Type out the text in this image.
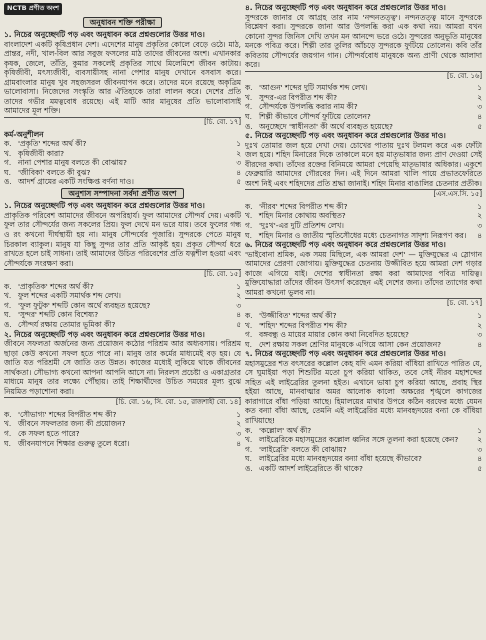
NCTB প্রণীত অংশ
অনুধাবন শক্তি পরীক্ষা

১. নিচের অনুচ্ছেদটি পড় এবং অনুধাবন করে প্রশ্নগুলোর উত্তর দাও।

বাংলাদেশ একটি কৃষিপ্রধান দেশ। এদেশের মানুষ প্রকৃতির কোলে বেড়ে ওঠে। মাঠ, প্রান্তর, নদী, খাল-বিল আর সবুজ ফসলের মাঠ তাদের জীবনের অংশ। এখানকার কৃষক, জেলে, তাঁতি, কুমার সকলেই প্রকৃতির সাথে মিলেমিশে জীবন কাটায়। কৃষিজীবী, মৎস্যজীবী, ব্যবসায়ীসহ নানা পেশার মানুষ দেখানে বসবাস করে। গ্রামবাংলার মানুষ খুব সহজসরল জীবনযাপন করে। তাদের মনে রয়েছে অকৃত্রিম ভালোবাসা। নিজেদের সংস্কৃতি আর ঐতিহ্যকে তারা লালন করে। দেশের প্রতি তাদের গভীর মমত্ববোধ রয়েছে। এই মাটি আর মানুষের প্রতি ভালোবাসাই আমাদের মূল শক্তি।

[চি. বো. ১৭]
কর্ম-অনুশীলন
ক. 'প্রকৃতি' শব্দের অর্থ কী?	১
খ. কৃষিজীবী কারা?	২
গ. নানা পেশার মানুষ বলতে কী বোঝায়?	৩
ঘ. 'জীবিকা' বলতে কী বুঝ?	৪
ঙ. আদর্শ গ্রামের একটি সংক্ষিপ্ত বর্ণনা দাও।	৫
অনুশাস সম্পাদনা সর্বদা প্রণীত অংশ

১. নিচের অনুচ্ছেদটি পড় এবং অনুধাবন করে প্রশ্নগুলোর উত্তর দাও।

প্রাকৃতিক পরিবেশ আমাদের জীবনে অপরিহার্য। ফুল আমাদের সৌন্দর্য দেয়। একটি ফুল তার সৌন্দর্যের জন্য সকলের প্রিয়। ফুল দেখে মন ভরে যায়। তবে ফুলের গন্ধ ও রং কখনো দীর্ঘস্থায়ী হয় না। মানুষ সৌন্দর্যের পূজারি। সুন্দরকে পেতে মানুষ চিরকাল ব্যাকুল। মানুষ যা কিছু সুন্দর তার প্রতি আকৃষ্ট হয়। প্রকৃত সৌন্দর্য ধরে রাখতে হলে চাই সাধনা। তাই আমাদের উচিত পরিবেশের প্রতি যত্নশীল হওয়া এবং সৌন্দর্যকে সংরক্ষণ করা।

[চি. বো. ১৫]
ক. 'প্রাকৃতিক' শব্দের অর্থ কী?	১
খ. ফুল শব্দের একটি সমার্থক শব্দ লেখ।	২
গ. 'ফুল ফুটুক' শব্দটি কোন অর্থে ব্যবহৃত হয়েছে?	৩
ঘ. 'সুন্দর' শব্দটি কোন বিশেষ্য?	৪
ঙ. সৌন্দর্য রক্ষায় তোমার ভূমিকা কী?	৫

২. নিচের অনুচ্ছেদটি পড় এবং অনুধাবন করে প্রশ্নগুলোর উত্তর দাও।

জীবনে সফলতা অর্জনের জন্য প্রয়োজন কঠোর পরিশ্রম আর অধ্যবসায়। পরিশ্রম ছাড়া কেউ কখনো সফল হতে পারে না। মানুষ তার কর্মের মাধ্যমেই বড় হয়। যে জাতি যত পরিশ্রমী সে জাতি তত উন্নত। কাজের মধ্যেই লুকিয়ে থাকে জীবনের সার্থকতা। সৌভাগ্য কখনো আপনা আপনি আসে না। নিরলস প্রচেষ্টা ও একাগ্রতার মাধ্যমে মানুষ তার লক্ষ্যে পৌঁছায়। তাই শিক্ষার্থীদের উচিত সময়ের মূল্য বুঝে নিয়মিত পড়াশোনা করা।

[চি. বো. ১৬, সি. বো. ১৫, রাজশাহী বো. ১৪]
ক. 'সৌভাগ্য' শব্দের বিপরীত শব্দ কী?	১
খ. জীবনে সফলতার জন্য কী প্রয়োজন?	২
গ. কে সফল হতে পারে?	৩
ঘ. জীবনযাপনে শিক্ষার গুরুত্ব তুলে ধরো।	৪

৪. নিচের অনুচ্ছেদটি পড় এবং অনুধাবন করে প্রশ্নগুলোর উত্তর দাও।

সুন্দরকে জানার যে আগ্রহ তার নাম 'নন্দনতত্ত্ব'। নন্দনতত্ত্ব মানে সুন্দরকে বিশ্লেষণ করা। সুন্দরকে জানা আর উপলব্ধি করা এক কথা নয়। আমরা যখন কোনো সুন্দর জিনিস দেখি তখন মন আনন্দে ভরে ওঠে। সুন্দরের অনুভূতি মানুষের মনকে পবিত্র করে। শিল্পী তার তুলির আঁচড়ে সুন্দরকে ফুটিয়ে তোলেন। কবি তাঁর কবিতায় সৌন্দর্যের জয়গান গান। সৌন্দর্যবোধ মানুষকে অন্য প্রাণী থেকে আলাদা করে।

[চ. বো. ১৬]
ক. 'আগুন' শব্দের দুটি সমার্থক শব্দ লেখ।	১
খ. সুন্দর-এর বিপরীত শব্দ কী?	২
গ. সৌন্দর্যকে উপলব্ধি করার নাম কী?	৩
ঘ. শিল্পী কীভাবে সৌন্দর্য ফুটিয়ে তোলেন?	৪
ঙ. অনুচ্ছেদে 'স্বাধীনতা' কী অর্থে ব্যবহৃত হয়েছে?	৫

৫. নিচের অনুচ্ছেদটি পড় এবং অনুধাবন করে প্রশ্নগুলোর উত্তর দাও।

দুঃখ তোমার জল হয়ে দেখা দেয়। চোখের পাতায় দুঃখ টলমল করে এক ফোঁটা জল হয়ে। শহিদ মিনারের দিকে তাকালে মনে হয় মাতৃভাষার জন্য প্রাণ দেওয়া সেই বীরদের কথা। তাঁদের রক্তের বিনিময়ে আমরা পেয়েছি মাতৃভাষার অধিকার। একুশে ফেব্রুয়ারি আমাদের গৌরবের দিন। এই দিনে আমরা খালি পায়ে প্রভাতফেরিতে অংশ নিই এবং শহিদদের প্রতি শ্রদ্ধা জানাই। শহিদ মিনার বাঙালির চেতনার প্রতীক।

[এস.এস.সি. ১৫]
ক. 'নীরব' শব্দের বিপরীত শব্দ কী?	১
খ. শহিদ মিনার কোথায় অবস্থিত?	২
গ. 'দুঃখ'-এর দুটি প্রতিশব্দ লেখ।	৩
ঘ. শহিদ মিনার ও জাতীয় স্মৃতিসৌধের মধ্যে চেতনাগত সাদৃশ্য নিরূপণ কর।	৪

৬. নিচের অনুচ্ছেদটি পড় এবং অনুধাবন করে প্রশ্নগুলোর উত্তর দাও।

'ভাইবোনা শ্রমিক, এক সময় মিছিলে, এক আমরা দেশ' — মুক্তিযুদ্ধের এ স্লোগান আমাদের প্রেরণা জোগায়। মুক্তিযুদ্ধের চেতনায় উজ্জীবিত হয়ে আমরা দেশ গড়ার কাজে এগিয়ে যাই। দেশের স্বাধীনতা রক্ষা করা আমাদের পবিত্র দায়িত্ব। মুক্তিযোদ্ধারা তাঁদের জীবন উৎসর্গ করেছেন এই দেশের জন্য। তাঁদের ত্যাগের কথা আমরা কখনো ভুলব না।

[চ. বো. ১৭]
ক. 'উজ্জীবিত' শব্দের অর্থ কী?	১
খ. 'শহিদ' শব্দের বিপরীত শব্দ কী?	২
গ. বঙ্গবন্ধু ও মায়ের মায়ার কোন কথা নিবেদিত হয়েছে?	৩
ঘ. দেশ রক্ষায় সকল শ্রেণির মানুষকে এগিয়ে আসা কেন প্রয়োজন?	৪

৭. নিচের অনুচ্ছেদটি পড় এবং অনুধাবন করে প্রশ্নগুলোর উত্তর দাও।

মহাসমুদ্রের শত বৎসরের কল্লোল কেহ যদি এমন করিয়া বাঁধিয়া রাখিতে পারিত যে, সে ঘুমাইয়া পড়া শিশুটির মতো চুপ করিয়া থাকিত, তবে সেই নীরব মহাশব্দের সহিত এই লাইব্রেরির তুলনা হইত। এখানে ভাষা চুপ করিয়া আছে, প্রবাহ স্থির হইয়া আছে, মানবাত্মার অমর আলোক কালো অক্ষরের শৃঙ্খলে কাগজের কারাগারে বাঁধা পড়িয়া আছে। হিমালয়ের মাথার উপরে কঠিন বরফের মধ্যে যেমন কত বন্যা বাঁধা আছে, তেমনি এই লাইব্রেরির মধ্যে মানবহৃদয়ের বন্যা কে বাঁধিয়া রাখিয়াছে!

ক. 'কল্লোল' অর্থ কী?	১
খ. লাইব্রেরিকে মহাসমুদ্রের কল্লোল ধ্বনির সঙ্গে তুলনা করা হয়েছে কেন?	২
গ. 'লাইব্রেরি' বলতে কী বোঝায়?	৩
ঘ. লাইব্রেরির মধ্যে মানবহৃদয়ের বন্যা বাঁধা হয়েছে কীভাবে?	৪
ঙ. একটি আদর্শ লাইব্রেরিতে কী থাকে?	৫
